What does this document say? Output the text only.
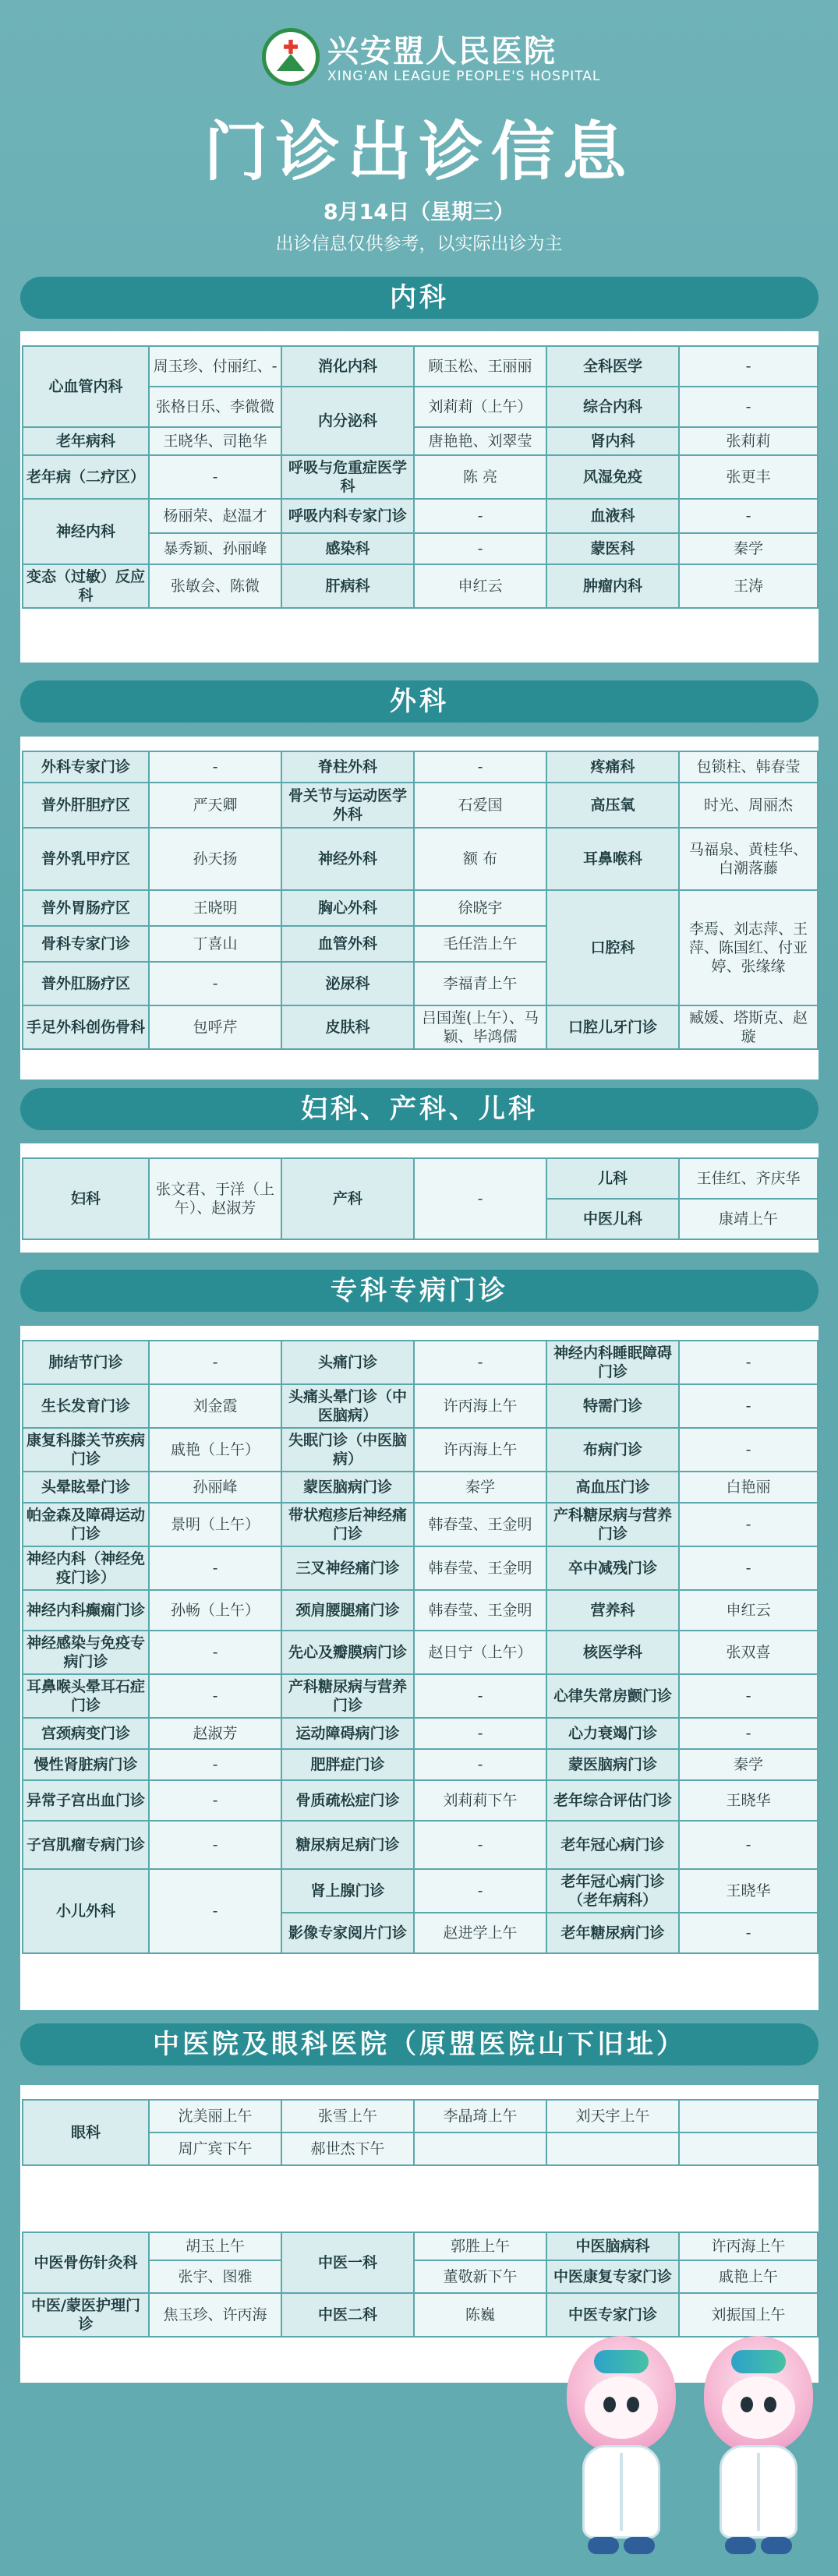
兴安盟人民医院
XING'AN LEAGUE PEOPLE'S HOSPITAL
门诊出诊信息
8月14日（星期三）
出诊信息仅供参考，以实际出诊为主
内科
心血管内科	周玉珍、付丽红、-	消化内科	顾玉松、王丽丽	全科医学	-
	张格日乐、李微微	内分泌科	刘莉莉（上午）	综合内科	-
老年病科	王晓华、司艳华		唐艳艳、刘翠莹	肾内科	张莉莉
老年病（二疗区）	-	呼吸与危重症医学科	陈 亮	风湿免疫	张更丰
神经内科	杨丽荣、赵温才	呼吸内科专家门诊	-	血液科	-
	暴秀颖、孙丽峰	感染科	-	蒙医科	秦学
变态（过敏）反应科	张敏会、陈微	肝病科	申红云	肿瘤内科	王涛
外科
外科专家门诊	-	脊柱外科	-	疼痛科	包锁柱、韩春莹
普外肝胆疗区	严天卿	骨关节与运动医学外科	石爱国	高压氧	时光、周丽杰
普外乳甲疗区	孙天扬	神经外科	额 布	耳鼻喉科	马福泉、黄桂华、白潮落藤
普外胃肠疗区	王晓明	胸心外科	徐晓宇	口腔科	李焉、刘志萍、王萍、陈国红、付亚婷、张缘缘
骨科专家门诊	丁喜山	血管外科	毛任浩上午		
普外肛肠疗区	-	泌尿科	李福青上午		
手足外科创伤骨科	包呼芹	皮肤科	吕国莲(上午）、马颖、毕鸿儒	口腔儿牙门诊	臧媛、塔斯克、赵璇
妇科、产科、儿科
妇科	张文君、于洋（上午）、赵淑芳	产科	-	儿科	王佳红、齐庆华
				中医儿科	康靖上午
专科专病门诊
肺结节门诊	-	头痛门诊	-	神经内科睡眠障碍门诊	-
生长发育门诊	刘金霞	头痛头晕门诊（中医脑病）	许丙海上午	特需门诊	-
康复科膝关节疾病门诊	戚艳（上午）	失眠门诊（中医脑病）	许丙海上午	布病门诊	-
头晕眩晕门诊	孙丽峰	蒙医脑病门诊	秦学	高血压门诊	白艳丽
帕金森及障碍运动门诊	景明（上午）	带状疱疹后神经痛门诊	韩春莹、王金明	产科糖尿病与营养门诊	-
神经内科（神经免疫门诊）	-	三叉神经痛门诊	韩春莹、王金明	卒中减残门诊	-
神经内科癫痫门诊	孙畅（上午）	颈肩腰腿痛门诊	韩春莹、王金明	营养科	申红云
神经感染与免疫专病门诊	-	先心及瓣膜病门诊	赵日宁（上午）	核医学科	张双喜
耳鼻喉头晕耳石症门诊	-	产科糖尿病与营养门诊	-	心律失常房颤门诊	-
宫颈病变门诊	赵淑芳	运动障碍病门诊	-	心力衰竭门诊	-
慢性肾脏病门诊	-	肥胖症门诊	-	蒙医脑病门诊	秦学
异常子宫出血门诊	-	骨质疏松症门诊	刘莉莉下午	老年综合评估门诊	王晓华
子宫肌瘤专病门诊	-	糖尿病足病门诊	-	老年冠心病门诊	-
小儿外科	-	肾上腺门诊	-	老年冠心病门诊（老年病科）	王晓华
		影像专家阅片门诊	赵进学上午	老年糖尿病门诊	-
中医院及眼科医院（原盟医院山下旧址）
眼科	沈美丽上午	张雪上午	李晶琦上午	刘天宇上午	
	周广宾下午	郝世杰下午			
中医骨伤针灸科	胡玉上午	中医一科	郭胜上午	中医脑病科	许丙海上午
	张宇、图雅		董敬新下午	中医康复专家门诊	戚艳上午
中医/蒙医护理门诊	焦玉珍、许丙海	中医二科	陈巍	中医专家门诊	刘振国上午
